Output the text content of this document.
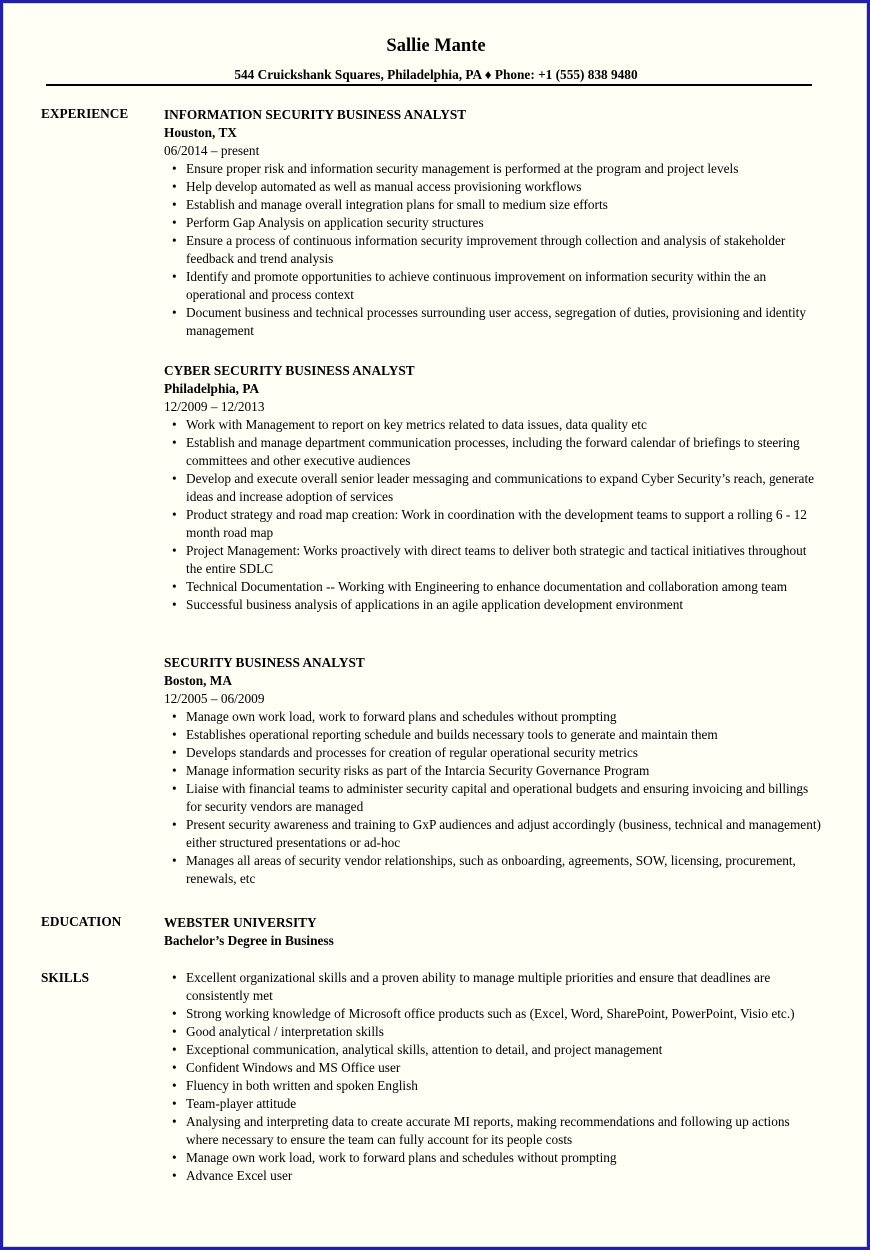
Sallie Mante
544 Cruickshank Squares, Philadelphia, PA ♦ Phone: +1 (555) 838 9480
EXPERIENCE	INFORMATION SECURITY BUSINESS ANALYST
Houston, TX
06/2014 – present
• Ensure proper risk and information security management is performed at the program and project levels
• Help develop automated as well as manual access provisioning workflows
• Establish and manage overall integration plans for small to medium size efforts
• Perform Gap Analysis on application security structures
• Ensure a process of continuous information security improvement through collection and analysis of stakeholder feedback and trend analysis
• Identify and promote opportunities to achieve continuous improvement on information security within the an operational and process context
• Document business and technical processes surrounding user access, segregation of duties, provisioning and identity management
CYBER SECURITY BUSINESS ANALYST
Philadelphia, PA
12/2009 – 12/2013
• Work with Management to report on key metrics related to data issues, data quality etc
• Establish and manage department communication processes, including the forward calendar of briefings to steering committees and other executive audiences
• Develop and execute overall senior leader messaging and communications to expand Cyber Security’s reach, generate ideas and increase adoption of services
• Product strategy and road map creation: Work in coordination with the development teams to support a rolling 6 - 12 month road map
• Project Management: Works proactively with direct teams to deliver both strategic and tactical initiatives throughout the entire SDLC
• Technical Documentation -- Working with Engineering to enhance documentation and collaboration among team
• Successful business analysis of applications in an agile application development environment
SECURITY BUSINESS ANALYST
Boston, MA
12/2005 – 06/2009
• Manage own work load, work to forward plans and schedules without prompting
• Establishes operational reporting schedule and builds necessary tools to generate and maintain them
• Develops standards and processes for creation of regular operational security metrics
• Manage information security risks as part of the Intarcia Security Governance Program
• Liaise with financial teams to administer security capital and operational budgets and ensuring invoicing and billings for security vendors are managed
• Present security awareness and training to GxP audiences and adjust accordingly (business, technical and management) either structured presentations or ad-hoc
• Manages all areas of security vendor relationships, such as onboarding, agreements, SOW, licensing, procurement, renewals, etc
EDUCATION	WEBSTER UNIVERSITY
Bachelor’s Degree in Business
SKILLS
•	Excellent organizational skills and a proven ability to manage multiple priorities and ensure that deadlines are consistently met
• Strong working knowledge of Microsoft office products such as (Excel, Word, SharePoint, PowerPoint, Visio etc.)
• Good analytical / interpretation skills
• Exceptional communication, analytical skills, attention to detail, and project management
• Confident Windows and MS Office user
• Fluency in both written and spoken English
• Team-player attitude
• Analysing and interpreting data to create accurate MI reports, making recommendations and following up actions where necessary to ensure the team can fully account for its people costs
• Manage own work load, work to forward plans and schedules without prompting
• Advance Excel user
